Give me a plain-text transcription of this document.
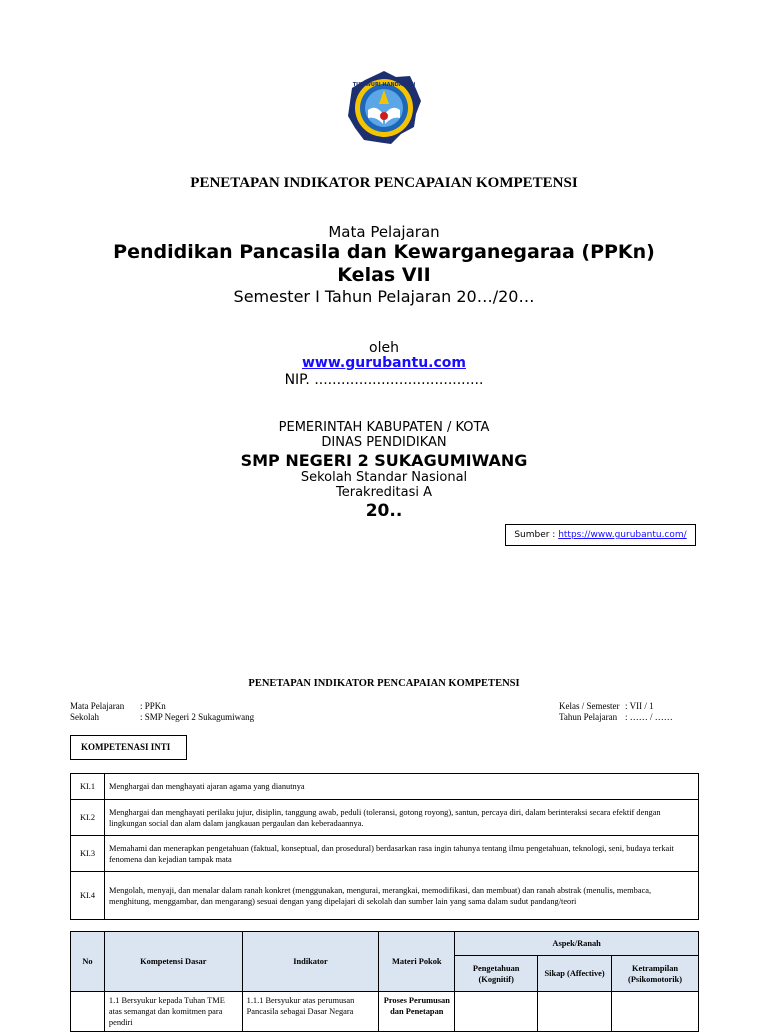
TUT WURI HANDAYANI
PENETAPAN INDIKATOR PENCAPAIAN KOMPETENSI
Mata Pelajaran
Pendidikan Pancasila dan Kewarganegaraa (PPKn)
Kelas VII
Semester I Tahun Pelajaran 20…/20…
oleh
www.gurubantu.com
NIP. ......................................
PEMERINTAH KABUPATEN / KOTA
DINAS PENDIDIKAN
SMP NEGERI 2 SUKAGUMIWANG
Sekolah Standar Nasional
Terakreditasi A
20..
Sumber : https://www.gurubantu.com/
PENETAPAN INDIKATOR PENCAPAIAN KOMPETENSI
Mata Pelajaran : PPKn
Sekolah	: SMP Negeri 2 Sukagumiwang
Kelas / Semester : VII / 1
Tahun Pelajaran : …… / ……
KOMPETENASI INTI
KI.1	Menghargai dan menghayati ajaran agama yang dianutnya
KI.2	Menghargai dan menghayati perilaku jujur, disiplin, tanggung awab, peduli (toleransi, gotong royong), santun, percaya diri, dalam berinteraksi secara efektif dengan lingkungan social dan alam dalam jangkauan pergaulan dan keberadaannya.
KI.3	Memahami dan menerapkan pengetahuan (faktual, konseptual, dan prosedural) berdasarkan rasa ingin tahunya tentang ilmu pengetahuan, teknologi, seni, budaya terkait fenomena dan kejadian tampak mata
KI.4	Mengolah, menyaji, dan menalar dalam ranah konkret (menggunakan, mengurai, merangkai, memodifikasi, dan membuat) dan ranah abstrak (menulis, membaca, menghitung, menggambar, dan mengarang) sesuai dengan yang dipelajari di sekolah dan sumber lain yang sama dalam sudut pandang/teori
No	Kompetensi Dasar	Indikator	Materi Pokok	Aspek/Ranah		
				Pengetahuan (Kognitif)	Sikap (Affective)	Ketrampilan (Psikomotorik)
	1.1 Bersyukur kepada Tuhan TME atas semangat dan komitmen para pendiri	1.1.1 Bersyukur atas perumusan Pancasila sebagai Dasar Negara	Proses Perumusan dan Penetapan			
